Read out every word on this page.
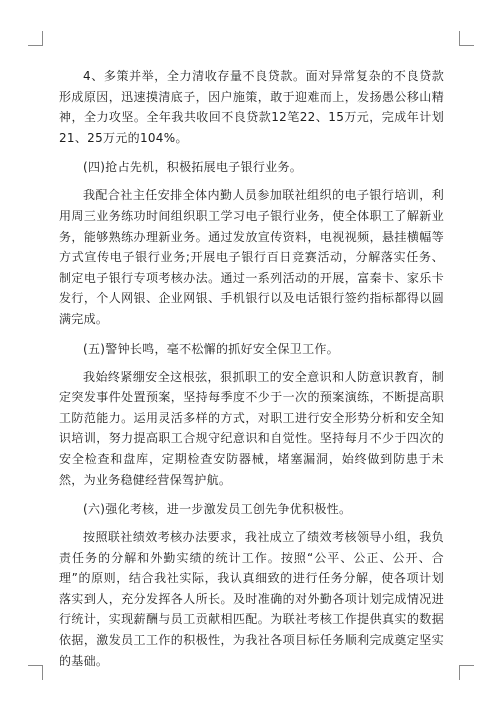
4、多策并举，全力清收存量不良贷款。面对异常复杂的不良贷款形成原因，迅速摸清底子，因户施策，敢于迎难而上，发扬愚公移山精神，全力攻坚。全年我共收回不良贷款12笔22、15万元，完成年计划21、25万元的104%。

(四)抢占先机，积极拓展电子银行业务。

我配合社主任安排全体内勤人员参加联社组织的电子银行培训，利用周三业务练功时间组织职工学习电子银行业务，使全体职工了解新业务，能够熟练办理新业务。通过发放宣传资料，电视视频，悬挂横幅等方式宣传电子银行业务;开展电子银行百日竞赛活动，分解落实任务、制定电子银行专项考核办法。通过一系列活动的开展，富秦卡、家乐卡发行，个人网银、企业网银、手机银行以及电话银行签约指标都得以圆满完成。

(五)警钟长鸣，毫不松懈的抓好安全保卫工作。

我始终紧绷安全这根弦，狠抓职工的安全意识和人防意识教育，制定突发事件处置预案，坚持每季度不少于一次的预案演练，不断提高职工防范能力。运用灵活多样的方式，对职工进行安全形势分析和安全知识培训，努力提高职工合规守纪意识和自觉性。坚持每月不少于四次的安全检查和盘库，定期检查安防器械，堵塞漏洞，始终做到防患于未然，为业务稳健经营保驾护航。

(六)强化考核，进一步激发员工创先争优积极性。

按照联社绩效考核办法要求，我社成立了绩效考核领导小组，我负责任务的分解和外勤实绩的统计工作。按照“公平、公正、公开、合理”的原则，结合我社实际，我认真细致的进行任务分解，使各项计划落实到人，充分发挥各人所长。及时准确的对外勤各项计划完成情况进行统计，实现薪酬与员工贡献相匹配。为联社考核工作提供真实的数据依据，激发员工工作的积极性，为我社各项目标任务顺利完成奠定坚实的基础。
